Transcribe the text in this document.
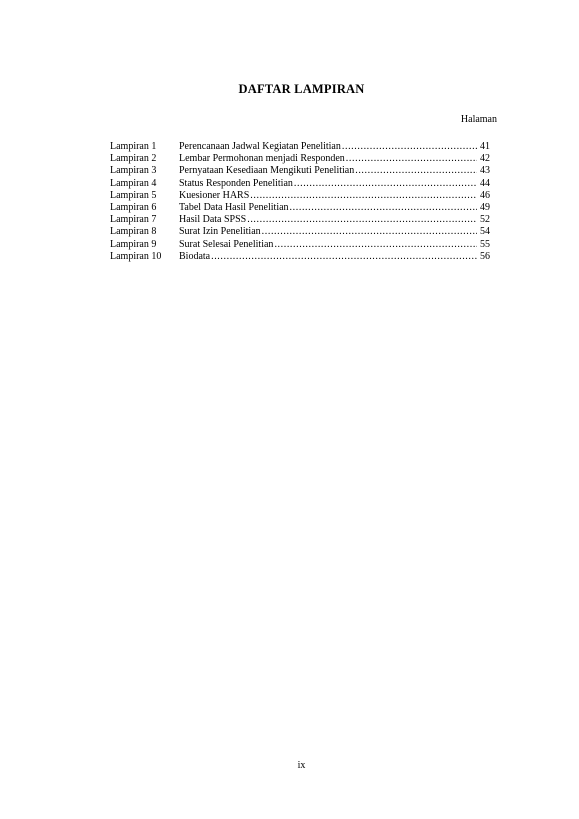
DAFTAR LAMPIRAN
Halaman
Lampiran 1	Perencanaan Jadwal Kegiatan Penelitian .....	41
Lampiran 2	Lembar Permohonan menjadi Responden .....	42
Lampiran 3	Pernyataan Kesediaan Mengikuti Penelitian .....	43
Lampiran 4	Status Responden Penelitian .....	44
Lampiran 5	Kuesioner HARS .....	46
Lampiran 6	Tabel Data Hasil Penelitian .....	49
Lampiran 7	Hasil Data SPSS .....	52
Lampiran 8	Surat Izin Penelitian .....	54
Lampiran 9	Surat Selesai Penelitian .....	55
Lampiran 10	Biodata .....	56
ix
